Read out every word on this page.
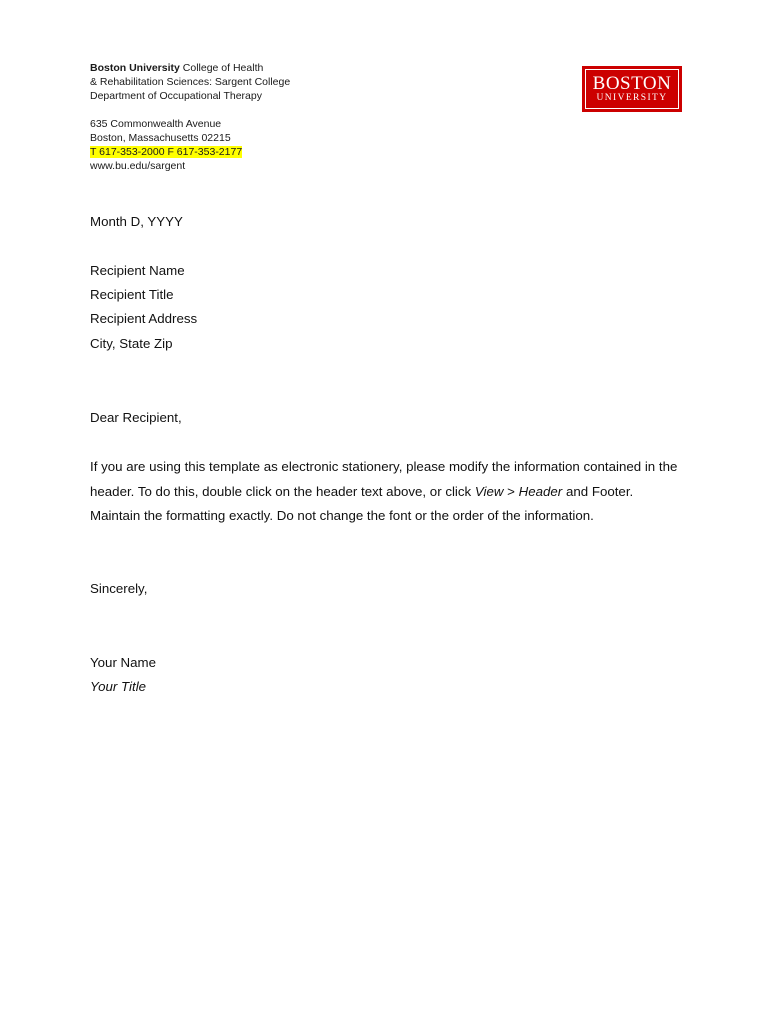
Boston University College of Health
& Rehabilitation Sciences: Sargent College
Department of Occupational Therapy
635 Commonwealth Avenue
Boston, Massachusetts 02215
T 617-353-2000 F 617-353-2177
www.bu.edu/sargent
BOSTON
UNIVERSITY
Month D, YYYY
Recipient Name
Recipient Title
Recipient Address
City, State Zip
Dear Recipient,
If you are using this template as electronic stationery, please modify the information contained in the header. To do this, double click on the header text above, or click View > Header and Footer. Maintain the formatting exactly. Do not change the font or the order of the information.
Sincerely,
Your Name
Your Title
